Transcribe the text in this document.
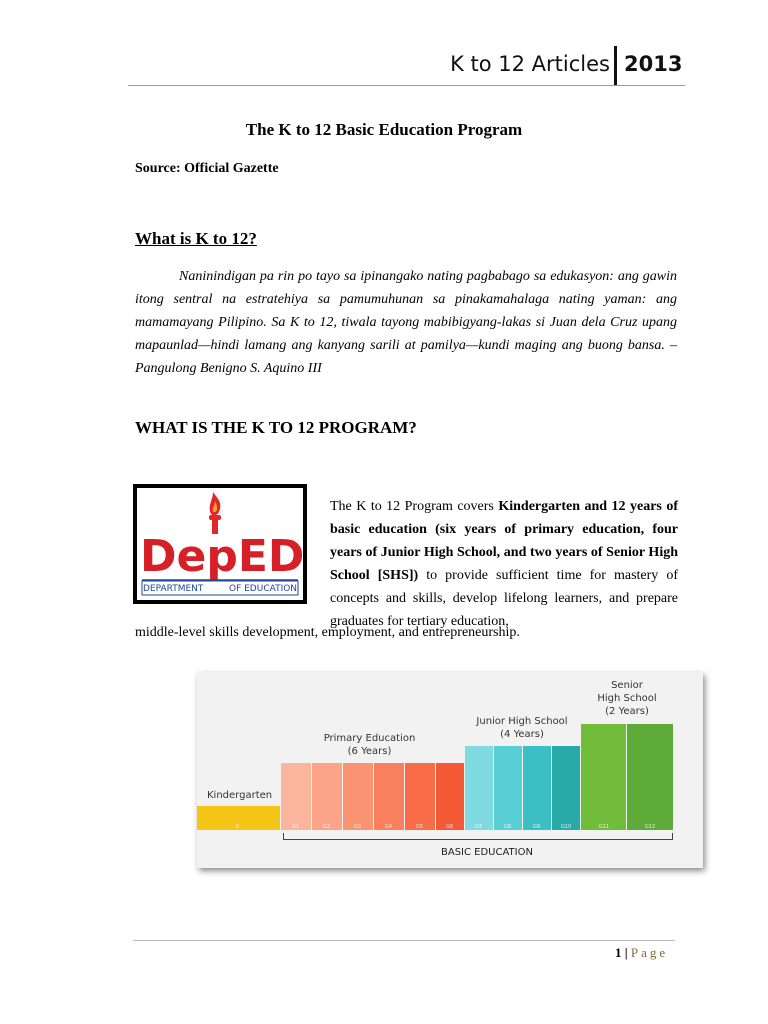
K to 12 Articles 2013
The K to 12 Basic Education Program
Source: Official Gazette
What is K to 12?
Naninindigan pa rin po tayo sa ipinangako nating pagbabago sa edukasyon: ang gawin itong sentral na estratehiya sa pamumuhunan sa pinakamahalaga nating yaman: ang mamamayang Pilipino. Sa K to 12, tiwala tayong mabibigyang-lakas si Juan dela Cruz upang mapaunlad—hindi lamang ang kanyang sarili at pamilya—kundi maging ang buong bansa. – Pangulong Benigno S. Aquino III
WHAT IS THE K TO 12 PROGRAM?
DepED
DEPARTMENT	OF EDUCATION
The K to 12 Program covers Kindergarten and 12 years of basic education (six years of primary education, four years of Junior High School, and two years of Senior High School [SHS]) to provide sufficient time for mastery of concepts and skills, develop lifelong learners, and prepare graduates for tertiary education,
middle-level skills development, employment, and entrepreneurship.
K
Kindergarten
G1	G2	G3	G4	G5	G6
Primary Education
(6 Years)
G7	G8	G9	G10
Junior High School
(4 Years)
G11	G12
Senior
High School
(2 Years)
BASIC EDUCATION
1 | Page
